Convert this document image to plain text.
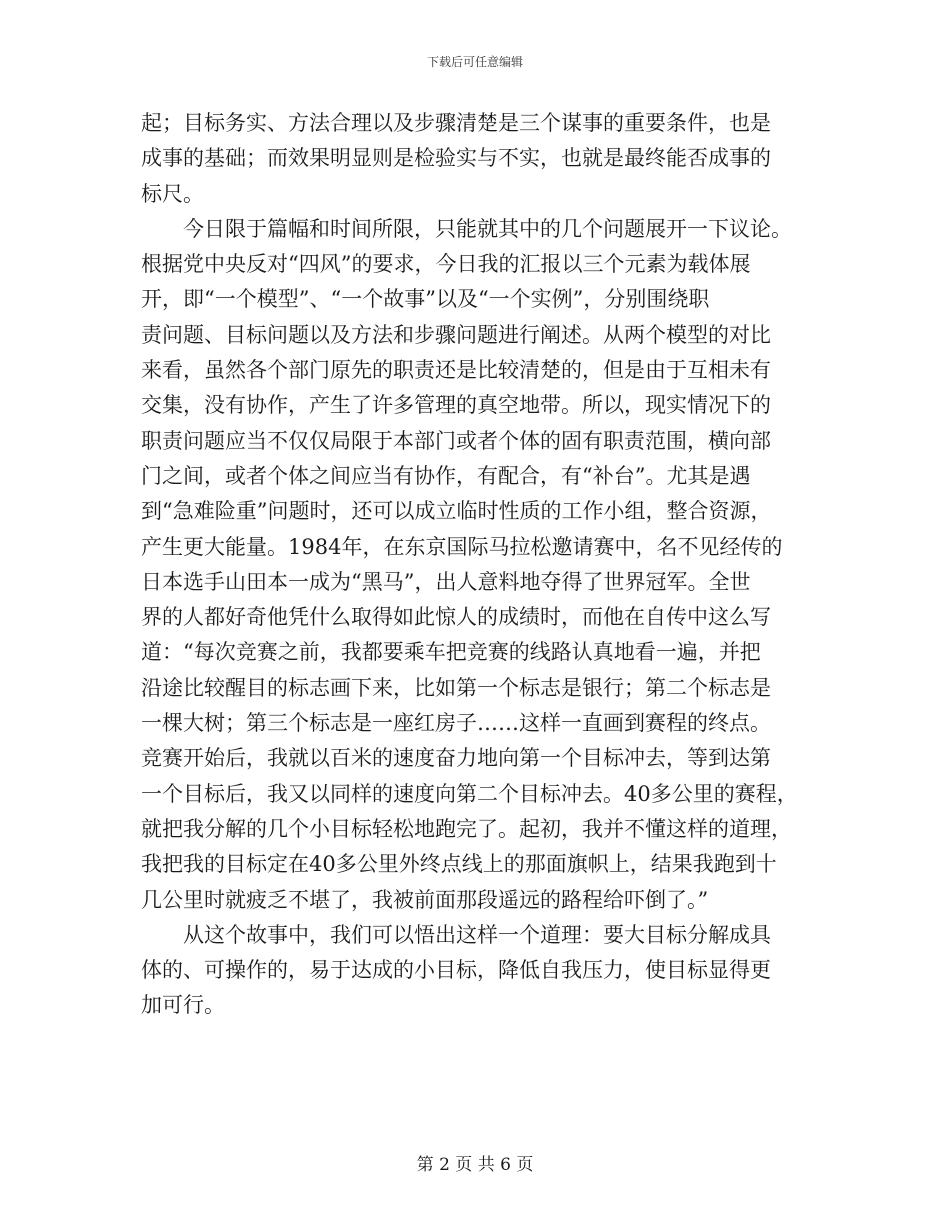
下载后可任意编辑

起；目标务实、方法合理以及步骤清楚是三个谋事的重要条件，也是
成事的基础；而效果明显则是检验实与不实，也就是最终能否成事的
标尺。

　　今日限于篇幅和时间所限，只能就其中的几个问题展开一下议论。
根据党中央反对“四风”的要求，今日我的汇报以三个元素为载体展
开，即“一个模型”、“一个故事”以及“一个实例”，分别围绕职
责问题、目标问题以及方法和步骤问题进行阐述。从两个模型的对比
来看，虽然各个部门原先的职责还是比较清楚的，但是由于互相未有
交集，没有协作，产生了许多管理的真空地带。所以，现实情况下的
职责问题应当不仅仅局限于本部门或者个体的固有职责范围，横向部
门之间，或者个体之间应当有协作，有配合，有“补台”。尤其是遇
到“急难险重”问题时，还可以成立临时性质的工作小组，整合资源，
产生更大能量。1984年，在东京国际马拉松邀请赛中，名不见经传的
日本选手山田本一成为“黑马”，出人意料地夺得了世界冠军。全世
界的人都好奇他凭什么取得如此惊人的成绩时，而他在自传中这么写
道：“每次竞赛之前，我都要乘车把竞赛的线路认真地看一遍，并把
沿途比较醒目的标志画下来，比如第一个标志是银行；第二个标志是
一棵大树；第三个标志是一座红房子……这样一直画到赛程的终点。
竞赛开始后，我就以百米的速度奋力地向第一个目标冲去，等到达第
一个目标后，我又以同样的速度向第二个目标冲去。40多公里的赛程，
就把我分解的几个小目标轻松地跑完了。起初，我并不懂这样的道理，
我把我的目标定在40多公里外终点线上的那面旗帜上，结果我跑到十
几公里时就疲乏不堪了，我被前面那段遥远的路程给吓倒了。”

　　从这个故事中，我们可以悟出这样一个道理：要大目标分解成具
体的、可操作的，易于达成的小目标，降低自我压力，使目标显得更
加可行。

第 2 页 共 6 页
